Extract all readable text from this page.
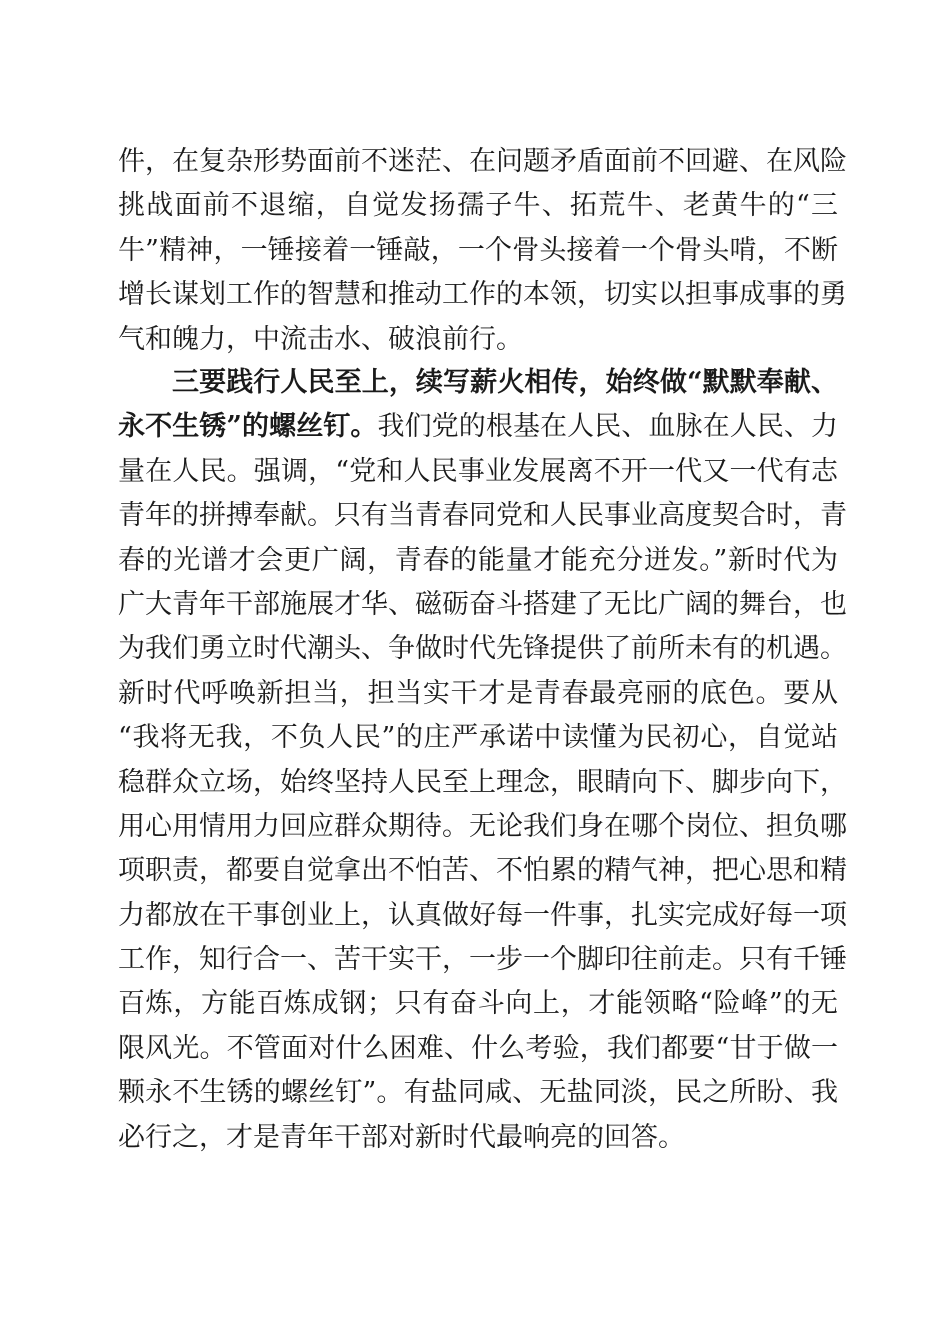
件，在复杂形势面前不迷茫、在问题矛盾面前不回避、在风险
挑战面前不退缩，自觉发扬孺子牛、拓荒牛、老黄牛的“三
牛”精神，一锤接着一锤敲，一个骨头接着一个骨头啃，不断
增长谋划工作的智慧和推动工作的本领，切实以担事成事的勇
气和魄力，中流击水、破浪前行。
三要践行人民至上，续写薪火相传，始终做“默默奉献、
永不生锈”的螺丝钉。我们党的根基在人民、血脉在人民、力
量在人民。强调，“党和人民事业发展离不开一代又一代有志
青年的拼搏奉献。只有当青春同党和人民事业高度契合时，青
春的光谱才会更广阔，青春的能量才能充分迸发。”新时代为
广大青年干部施展才华、磁砺奋斗搭建了无比广阔的舞台，也
为我们勇立时代潮头、争做时代先锋提供了前所未有的机遇。
新时代呼唤新担当，担当实干才是青春最亮丽的底色。要从
“我将无我，不负人民”的庄严承诺中读懂为民初心，自觉站
稳群众立场，始终坚持人民至上理念，眼睛向下、脚步向下，
用心用情用力回应群众期待。无论我们身在哪个岗位、担负哪
项职责，都要自觉拿出不怕苦、不怕累的精气神，把心思和精
力都放在干事创业上，认真做好每一件事，扎实完成好每一项
工作，知行合一、苦干实干，一步一个脚印往前走。只有千锤
百炼，方能百炼成钢；只有奋斗向上，才能领略“险峰”的无
限风光。不管面对什么困难、什么考验，我们都要“甘于做一
颗永不生锈的螺丝钉”。有盐同咸、无盐同淡，民之所盼、我
必行之，才是青年干部对新时代最响亮的回答。
